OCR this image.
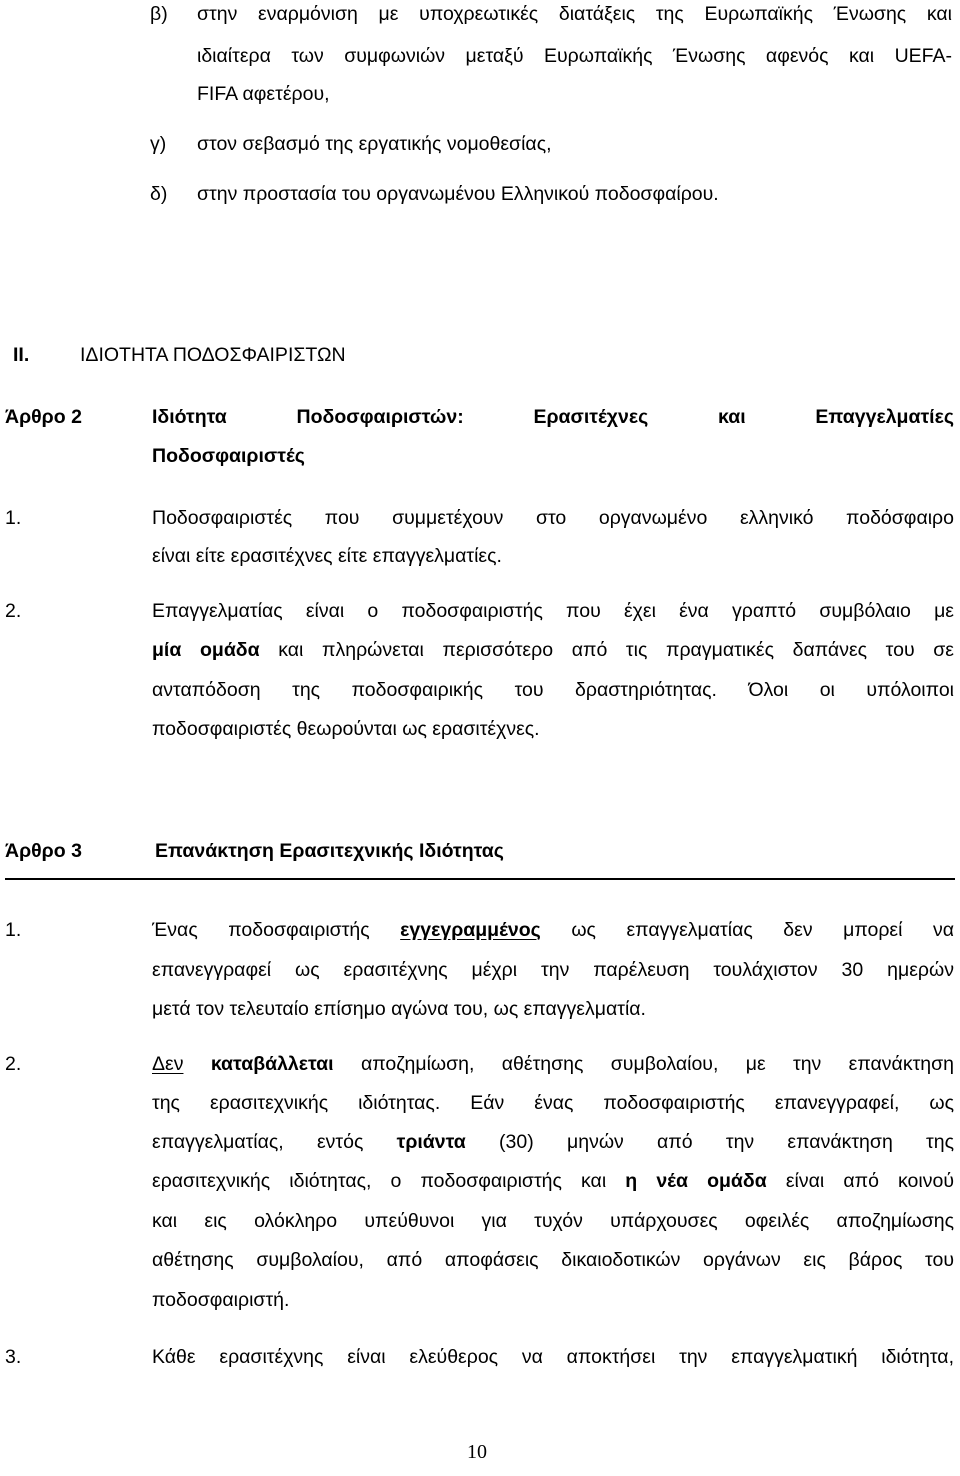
β) στην εναρμόνιση με υποχρεωτικές διατάξεις της Ευρωπαϊκής Ένωσης και
ιδιαίτερα των συμφωνιών μεταξύ Ευρωπαϊκής Ένωσης αφενός και UEFA-
FIFA αφετέρου,
γ) στον σεβασμό της εργατικής νομοθεσίας,
δ) στην προστασία του οργανωμένου Ελληνικού ποδοσφαίρου.
II.	ΙΔΙΟΤΗΤΑ ΠΟΔΟΣΦΑΙΡΙΣΤΩΝ
Άρθρο 2	Ιδιότητα	Ποδοσφαιριστών:	Ερασιτέχνες	και	Επαγγελματίες
Ποδοσφαιριστές
1.	Ποδοσφαιριστές που συμμετέχουν στο οργανωμένο ελληνικό ποδόσφαιρο
είναι είτε ερασιτέχνες είτε επαγγελματίες.
2.	Επαγγελματίας είναι ο ποδοσφαιριστής που έχει ένα γραπτό συμβόλαιο με
μία ομάδα και πληρώνεται περισσότερο από τις πραγματικές δαπάνες του σε
ανταπόδοση της ποδοσφαιρικής του δραστηριότητας. Όλοι οι υπόλοιποι
ποδοσφαιριστές θεωρούνται ως ερασιτέχνες.
Άρθρο 3	Επανάκτηση Ερασιτεχνικής Ιδιότητας
1.	Ένας ποδοσφαιριστής εγγεγραμμένος ως επαγγελματίας δεν μπορεί να
επανεγγραφεί ως ερασιτέχνης μέχρι την παρέλευση τουλάχιστον 30 ημερών
μετά τον τελευταίο επίσημο αγώνα του, ως επαγγελματία.
2.	Δεν καταβάλλεται αποζημίωση, αθέτησης συμβολαίου, με την επανάκτηση
της ερασιτεχνικής ιδιότητας. Εάν ένας ποδοσφαιριστής επανεγγραφεί, ως
επαγγελματίας, εντός τριάντα (30) μηνών από την επανάκτηση της
ερασιτεχνικής ιδιότητας, ο ποδοσφαιριστής και η νέα ομάδα είναι από κοινού
και εις ολόκληρο υπεύθυνοι για τυχόν υπάρχουσες οφειλές αποζημίωσης
αθέτησης συμβολαίου, από αποφάσεις δικαιοδοτικών οργάνων εις βάρος του
ποδοσφαιριστή.
3.	Κάθε ερασιτέχνης είναι ελεύθερος να αποκτήσει την επαγγελματική ιδιότητα,
10
